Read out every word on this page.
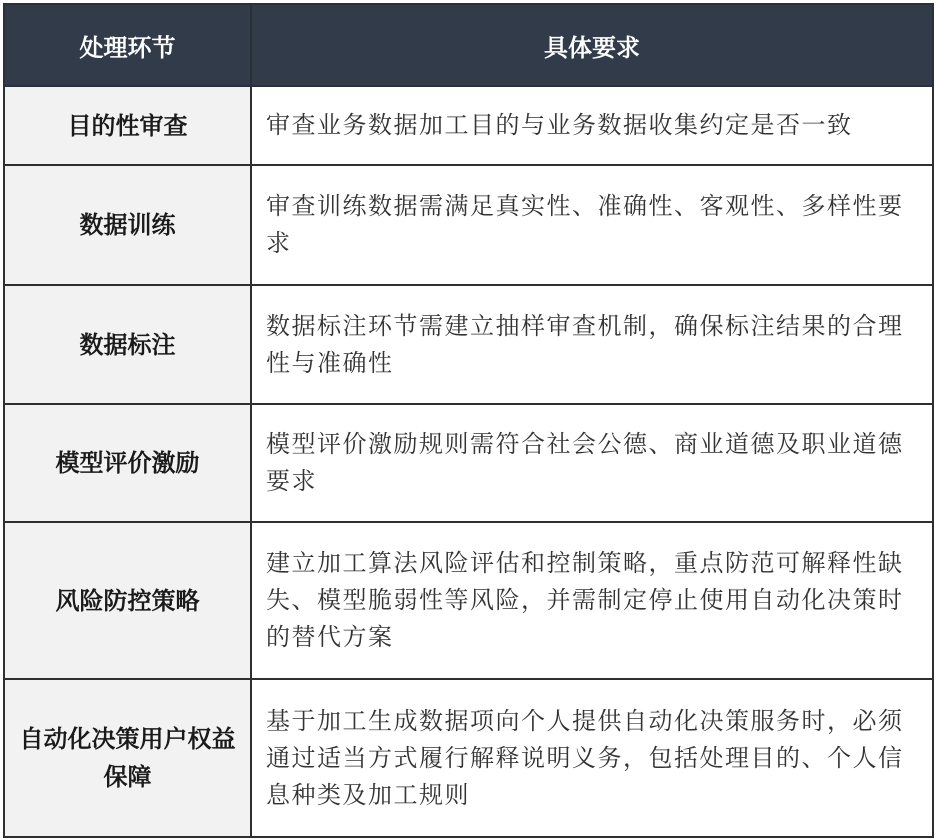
处理环节	具体要求
目的性审查	审查业务数据加工目的与业务数据收集约定是否一致
数据训练	审查训练数据需满足真实性、准确性、客观性、多样性要求
数据标注	数据标注环节需建立抽样审查机制，确保标注结果的合理性与准确性
模型评价激励	模型评价激励规则需符合社会公德、商业道德及职业道德要求
风险防控策略	建立加工算法风险评估和控制策略，重点防范可解释性缺失、模型脆弱性等风险，并需制定停止使用自动化决策时的替代方案
自动化决策用户权益保障	基于加工生成数据项向个人提供自动化决策服务时，必须通过适当方式履行解释说明义务，包括处理目的、个人信息种类及加工规则
